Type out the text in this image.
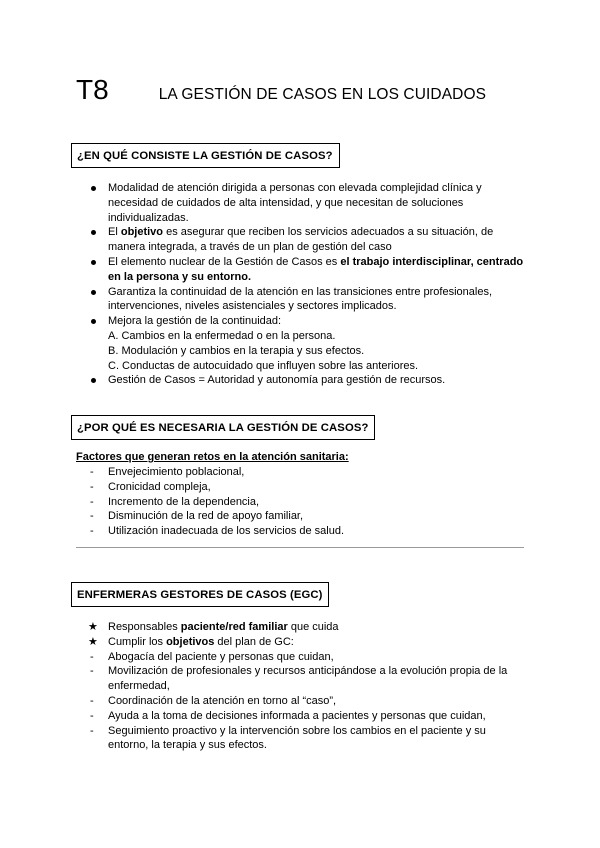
T8	LA GESTIÓN DE CASOS EN LOS CUIDADOS
¿EN QUÉ CONSISTE LA GESTIÓN DE CASOS?
Modalidad de atención dirigida a personas con elevada complejidad clínica y necesidad de cuidados de alta intensidad, y que necesitan de soluciones individualizadas.
El objetivo es asegurar que reciben los servicios adecuados a su situación, de manera integrada, a través de un plan de gestión del caso
El elemento nuclear de la Gestión de Casos es el trabajo interdisciplinar, centrado en la persona y su entorno.
Garantiza la continuidad de la atención en las transiciones entre profesionales, intervenciones, niveles asistenciales y sectores implicados.
Mejora la gestión de la continuidad:
A. Cambios en la enfermedad o en la persona.
B. Modulación y cambios en la terapia y sus efectos.
C. Conductas de autocuidado que influyen sobre las anteriores.
Gestión de Casos = Autoridad y autonomía para gestión de recursos.
¿POR QUÉ ES NECESARIA LA GESTIÓN DE CASOS?
Factores que generan retos en la atención sanitaria:
Envejecimiento poblacional,
Cronicidad compleja,
Incremento de la dependencia,
Disminución de la red de apoyo familiar,
Utilización inadecuada de los servicios de salud.
ENFERMERAS GESTORES DE CASOS (EGC)
Responsables paciente/red familiar que cuida
Cumplir los objetivos del plan de GC:
Abogacía del paciente y personas que cuidan,
Movilización de profesionales y recursos anticipándose a la evolución propia de la enfermedad,
Coordinación de la atención en torno al “caso”,
Ayuda a la toma de decisiones informada a pacientes y personas que cuidan,
Seguimiento proactivo y la intervención sobre los cambios en el paciente y su entorno, la terapia y sus efectos.
